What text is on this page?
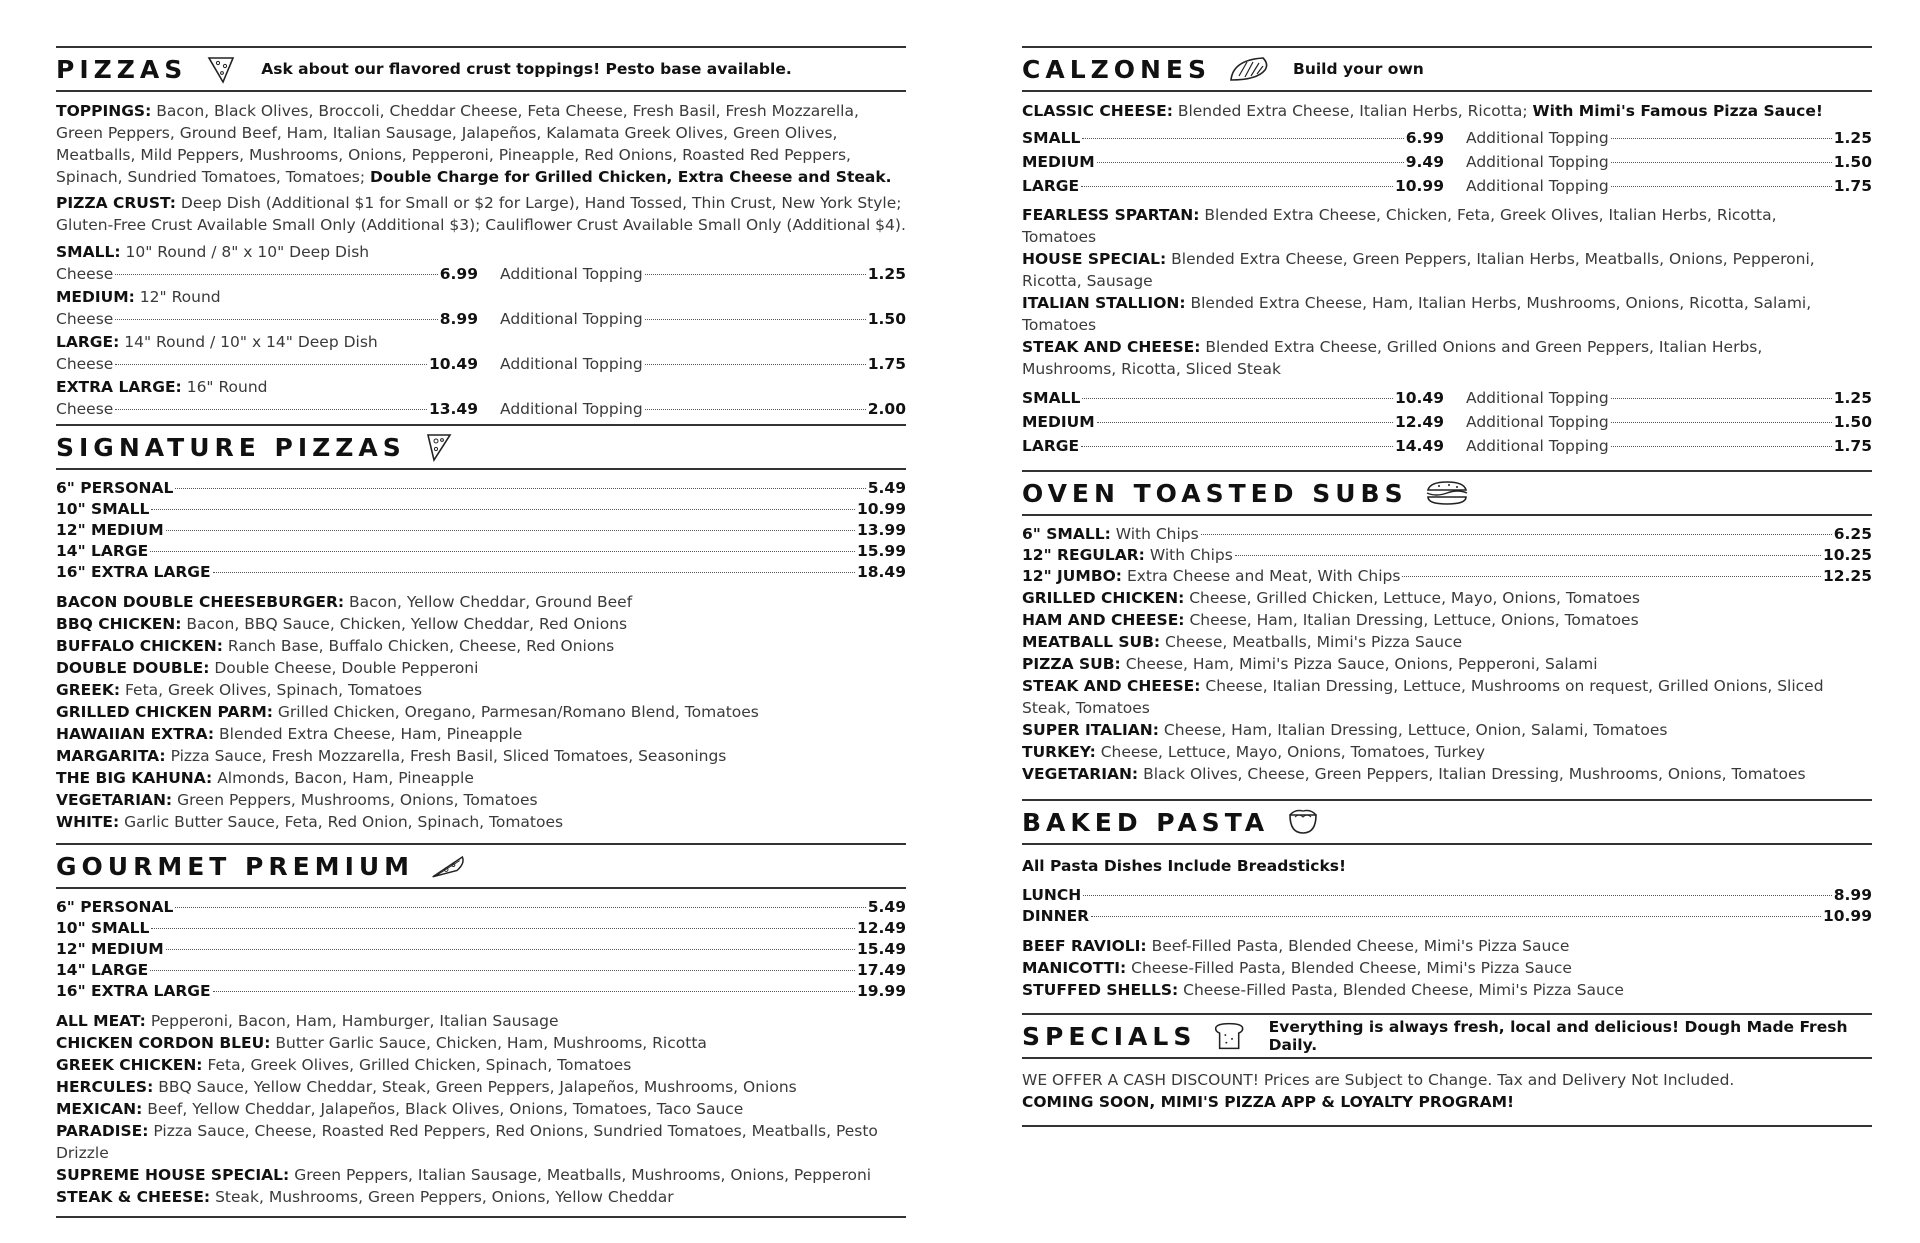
PIZZAS	Ask about our flavored crust toppings! Pesto base available.

TOPPINGS: Bacon, Black Olives, Broccoli, Cheddar Cheese, Feta Cheese, Fresh Basil, Fresh Mozzarella, Green Peppers, Ground Beef, Ham, Italian Sausage, Jalapeños, Kalamata Greek Olives, Green Olives, Meatballs, Mild Peppers, Mushrooms, Onions, Pepperoni, Pineapple, Red Onions, Roasted Red Peppers, Spinach, Sundried Tomatoes, Tomatoes; Double Charge for Grilled Chicken, Extra Cheese and Steak.

PIZZA CRUST: Deep Dish (Additional $1 for Small or $2 for Large), Hand Tossed, Thin Crust, New York Style; Gluten-Free Crust Available Small Only (Additional $3); Cauliflower Crust Available Small Only (Additional $4).

SMALL: 10" Round / 8" x 10" Deep Dish
Cheese	6.99 Additional Topping	1.25
MEDIUM: 12" Round
Cheese	8.99 Additional Topping	1.50
LARGE: 14" Round / 10" x 14" Deep Dish
Cheese	10.49 Additional Topping	1.75
EXTRA LARGE: 16" Round
Cheese	13.49 Additional Topping	2.00
SIGNATURE PIZZAS
6" PERSONAL	5.49
10" SMALL	10.99
12" MEDIUM	13.99
14" LARGE	15.99
16" EXTRA LARGE	18.49

BACON DOUBLE CHEESEBURGER: Bacon, Yellow Cheddar, Ground Beef

BBQ CHICKEN: Bacon, BBQ Sauce, Chicken, Yellow Cheddar, Red Onions

BUFFALO CHICKEN: Ranch Base, Buffalo Chicken, Cheese, Red Onions

DOUBLE DOUBLE: Double Cheese, Double Pepperoni

GREEK: Feta, Greek Olives, Spinach, Tomatoes

GRILLED CHICKEN PARM: Grilled Chicken, Oregano, Parmesan/Romano Blend, Tomatoes

HAWAIIAN EXTRA: Blended Extra Cheese, Ham, Pineapple

MARGARITA: Pizza Sauce, Fresh Mozzarella, Fresh Basil, Sliced Tomatoes, Seasonings

THE BIG KAHUNA: Almonds, Bacon, Ham, Pineapple

VEGETARIAN: Green Peppers, Mushrooms, Onions, Tomatoes

WHITE: Garlic Butter Sauce, Feta, Red Onion, Spinach, Tomatoes

GOURMET PREMIUM
6" PERSONAL	5.49
10" SMALL	12.49
12" MEDIUM	15.49
14" LARGE	17.49
16" EXTRA LARGE	19.99

ALL MEAT: Pepperoni, Bacon, Ham, Hamburger, Italian Sausage

CHICKEN CORDON BLEU: Butter Garlic Sauce, Chicken, Ham, Mushrooms, Ricotta

GREEK CHICKEN: Feta, Greek Olives, Grilled Chicken, Spinach, Tomatoes

HERCULES: BBQ Sauce, Yellow Cheddar, Steak, Green Peppers, Jalapeños, Mushrooms, Onions

MEXICAN: Beef, Yellow Cheddar, Jalapeños, Black Olives, Onions, Tomatoes, Taco Sauce

PARADISE: Pizza Sauce, Cheese, Roasted Red Peppers, Red Onions, Sundried Tomatoes, Meatballs, Pesto Drizzle

SUPREME HOUSE SPECIAL: Green Peppers, Italian Sausage, Meatballs, Mushrooms, Onions, Pepperoni

STEAK & CHEESE: Steak, Mushrooms, Green Peppers, Onions, Yellow Cheddar

CALZONES	Build your own

CLASSIC CHEESE: Blended Extra Cheese, Italian Herbs, Ricotta; With Mimi's Famous Pizza Sauce!

SMALL	6.99 Additional Topping	1.25
MEDIUM	9.49 Additional Topping	1.50
LARGE	10.99 Additional Topping	1.75

FEARLESS SPARTAN: Blended Extra Cheese, Chicken, Feta, Greek Olives, Italian Herbs, Ricotta, Tomatoes

HOUSE SPECIAL: Blended Extra Cheese, Green Peppers, Italian Herbs, Meatballs, Onions, Pepperoni, Ricotta, Sausage

ITALIAN STALLION: Blended Extra Cheese, Ham, Italian Herbs, Mushrooms, Onions, Ricotta, Salami, Tomatoes

STEAK AND CHEESE: Blended Extra Cheese, Grilled Onions and Green Peppers, Italian Herbs, Mushrooms, Ricotta, Sliced Steak

SMALL	10.49 Additional Topping	1.25
MEDIUM	12.49 Additional Topping	1.50
LARGE	14.49 Additional Topping	1.75
OVEN TOASTED SUBS
6" SMALL: With Chips	6.25
12" REGULAR: With Chips	10.25
12" JUMBO: Extra Cheese and Meat, With Chips	12.25

GRILLED CHICKEN: Cheese, Grilled Chicken, Lettuce, Mayo, Onions, Tomatoes

HAM AND CHEESE: Cheese, Ham, Italian Dressing, Lettuce, Onions, Tomatoes

MEATBALL SUB: Cheese, Meatballs, Mimi's Pizza Sauce

PIZZA SUB: Cheese, Ham, Mimi's Pizza Sauce, Onions, Pepperoni, Salami

STEAK AND CHEESE: Cheese, Italian Dressing, Lettuce, Mushrooms on request, Grilled Onions, Sliced Steak, Tomatoes

SUPER ITALIAN: Cheese, Ham, Italian Dressing, Lettuce, Onion, Salami, Tomatoes

TURKEY: Cheese, Lettuce, Mayo, Onions, Tomatoes, Turkey

VEGETARIAN: Black Olives, Cheese, Green Peppers, Italian Dressing, Mushrooms, Onions, Tomatoes

BAKED PASTA

All Pasta Dishes Include Breadsticks!

LUNCH	8.99
DINNER	10.99

BEEF RAVIOLI: Beef-Filled Pasta, Blended Cheese, Mimi's Pizza Sauce

MANICOTTI: Cheese-Filled Pasta, Blended Cheese, Mimi's Pizza Sauce

STUFFED SHELLS: Cheese-Filled Pasta, Blended Cheese, Mimi's Pizza Sauce

SPECIALS	Everything is always fresh, local and delicious! Dough Made Fresh Daily.

WE OFFER A CASH DISCOUNT! Prices are Subject to Change. Tax and Delivery Not Included.

COMING SOON, MIMI'S PIZZA APP & LOYALTY PROGRAM!
